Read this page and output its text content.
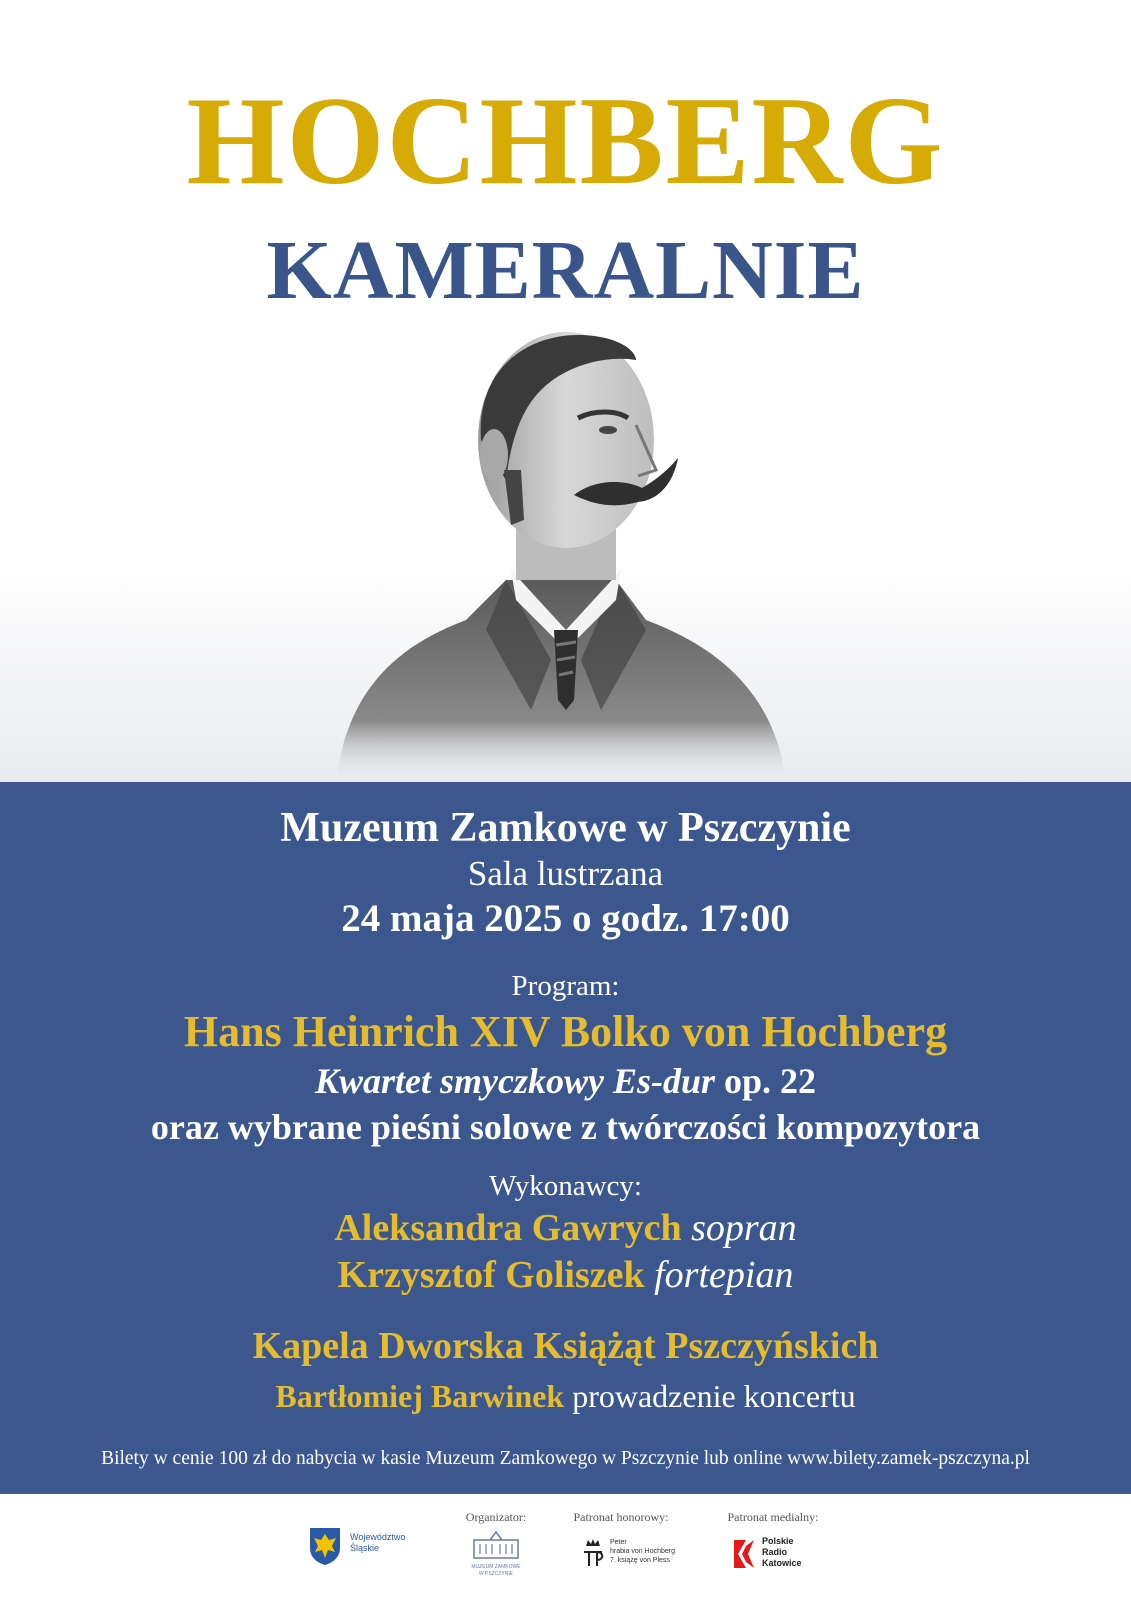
HOCHBERG
KAMERALNIE
Muzeum Zamkowe w Pszczynie
Sala lustrzana
24 maja 2025 o godz. 17:00
Program:
Hans Heinrich XIV Bolko von Hochberg
Kwartet smyczkowy Es-dur op. 22
oraz wybrane pieśni solowe z twórczości kompozytora
Wykonawcy:
Aleksandra Gawrych sopran
Krzysztof Goliszek fortepian
Kapela Dworska Książąt Pszczyńskich
Bartłomiej Barwinek prowadzenie koncertu
Bilety w cenie 100 zł do nabycia w kasie Muzeum Zamkowego w Pszczynie lub online www.bilety.zamek-pszczyna.pl
Województwo
Śląskie
Organizator:
MUZEUM ZAMKOWE
W PSZCZYNIE
Patronat honorowy:
Peter
hrabia von Hochberg
7. książę von Pless
Patronat medialny:
Polskie
Radio
Katowice
